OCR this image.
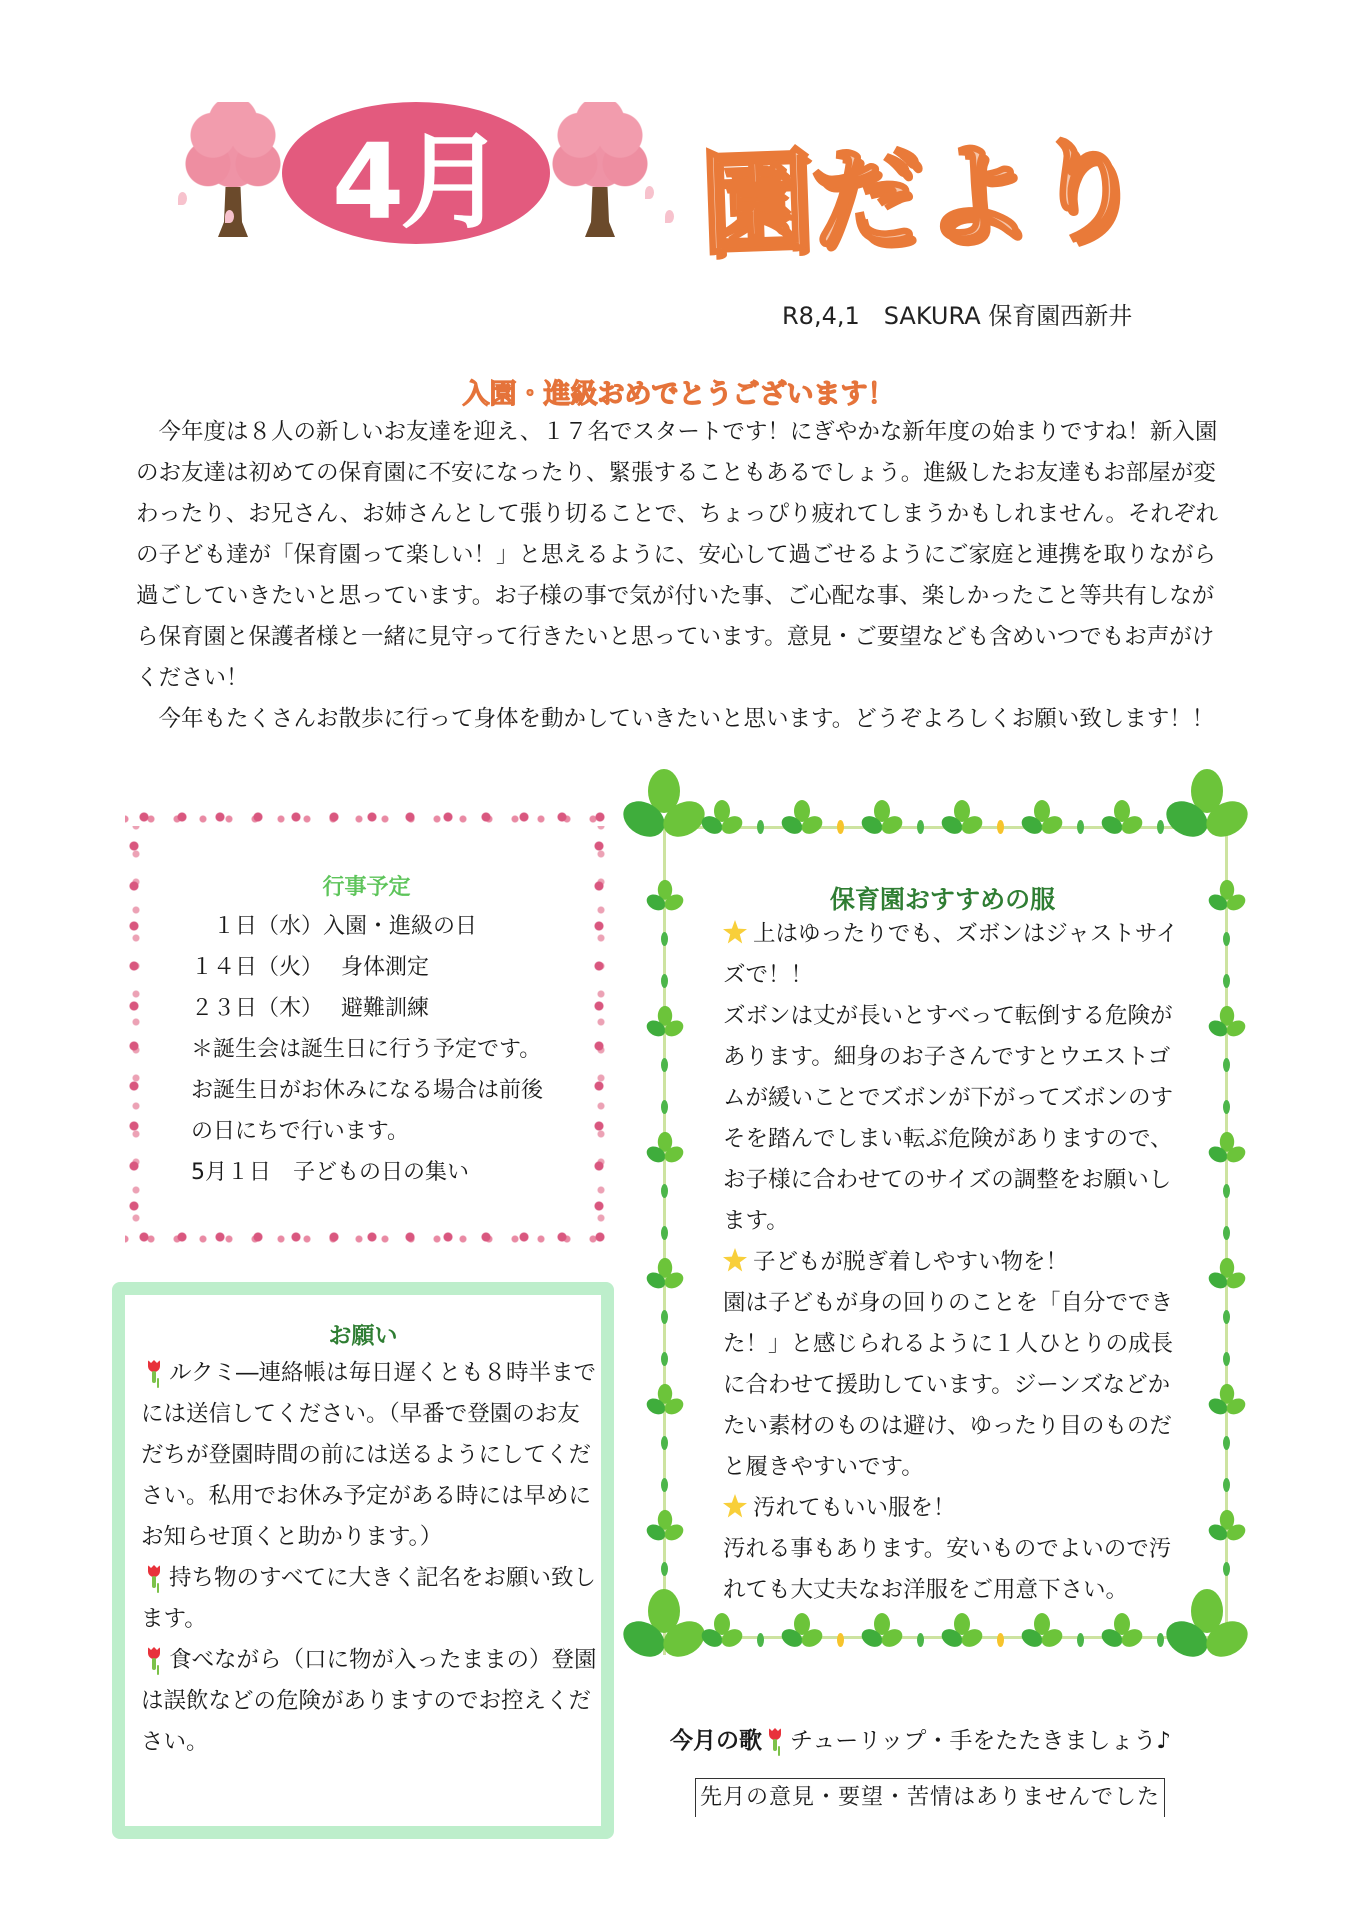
4月 園だより
R8,4,1　SAKURA 保育園西新井
入園・進級おめでとうございます！

今年度は８人の新しいお友達を迎え、１７名でスタートです！にぎやかな新年度の始まりですね！新入園のお友達は初めての保育園に不安になったり、緊張することもあるでしょう。進級したお友達もお部屋が変わったり、お兄さん、お姉さんとして張り切ることで、ちょっぴり疲れてしまうかもしれません。それぞれの子ども達が「保育園って楽しい！」と思えるように、安心して過ごせるようにご家庭と連携を取りながら過ごしていきたいと思っています。お子様の事で気が付いた事、ご心配な事、楽しかったこと等共有しながら保育園と保護者様と一緒に見守って行きたいと思っています。意見・ご要望なども含めいつでもお声がけください！

今年もたくさんお散歩に行って身体を動かしていきたいと思います。どうぞよろしくお願い致します！！

行事予定
　１日（水）入園・進級の日
１４日（火）　 身体測定
２３日（木）　 避難訓練
＊誕生会は誕生日に行う予定です。お誕生日がお休みになる場合は前後の日にちで行います。
5月１日　子どもの日の集い
お願い

ルクミ―連絡帳は毎日遅くとも８時半までには送信してください。（早番で登園のお友だちが登園時間の前には送るようにしてください。私用でお休み予定がある時には早めにお知らせ頂くと助かります。）

持ち物のすべてに大きく記名をお願い致します。

食べながら（口に物が入ったままの）登園は誤飲などの危険がありますのでお控えください。

保育園おすすめの服

上はゆったりでも、ズボンはジャストサイズで！！

ズボンは丈が長いとすべって転倒する危険があります。細身のお子さんですとウエストゴムが緩いことでズボンが下がってズボンのすそを踏んでしまい転ぶ危険がありますので、お子様に合わせてのサイズの調整をお願いします。

子どもが脱ぎ着しやすい物を！

園は子どもが身の回りのことを「自分でできた！」と感じられるように１人ひとりの成長に合わせて援助しています。ジーンズなどかたい素材のものは避け、ゆったり目のものだと履きやすいです。

汚れてもいい服を！

汚れる事もあります。安いものでよいので汚れても大丈夫なお洋服をご用意下さい。

今月の歌 チューリップ・手をたたきましょう♪
先月の意見・要望・苦情はありませんでした
